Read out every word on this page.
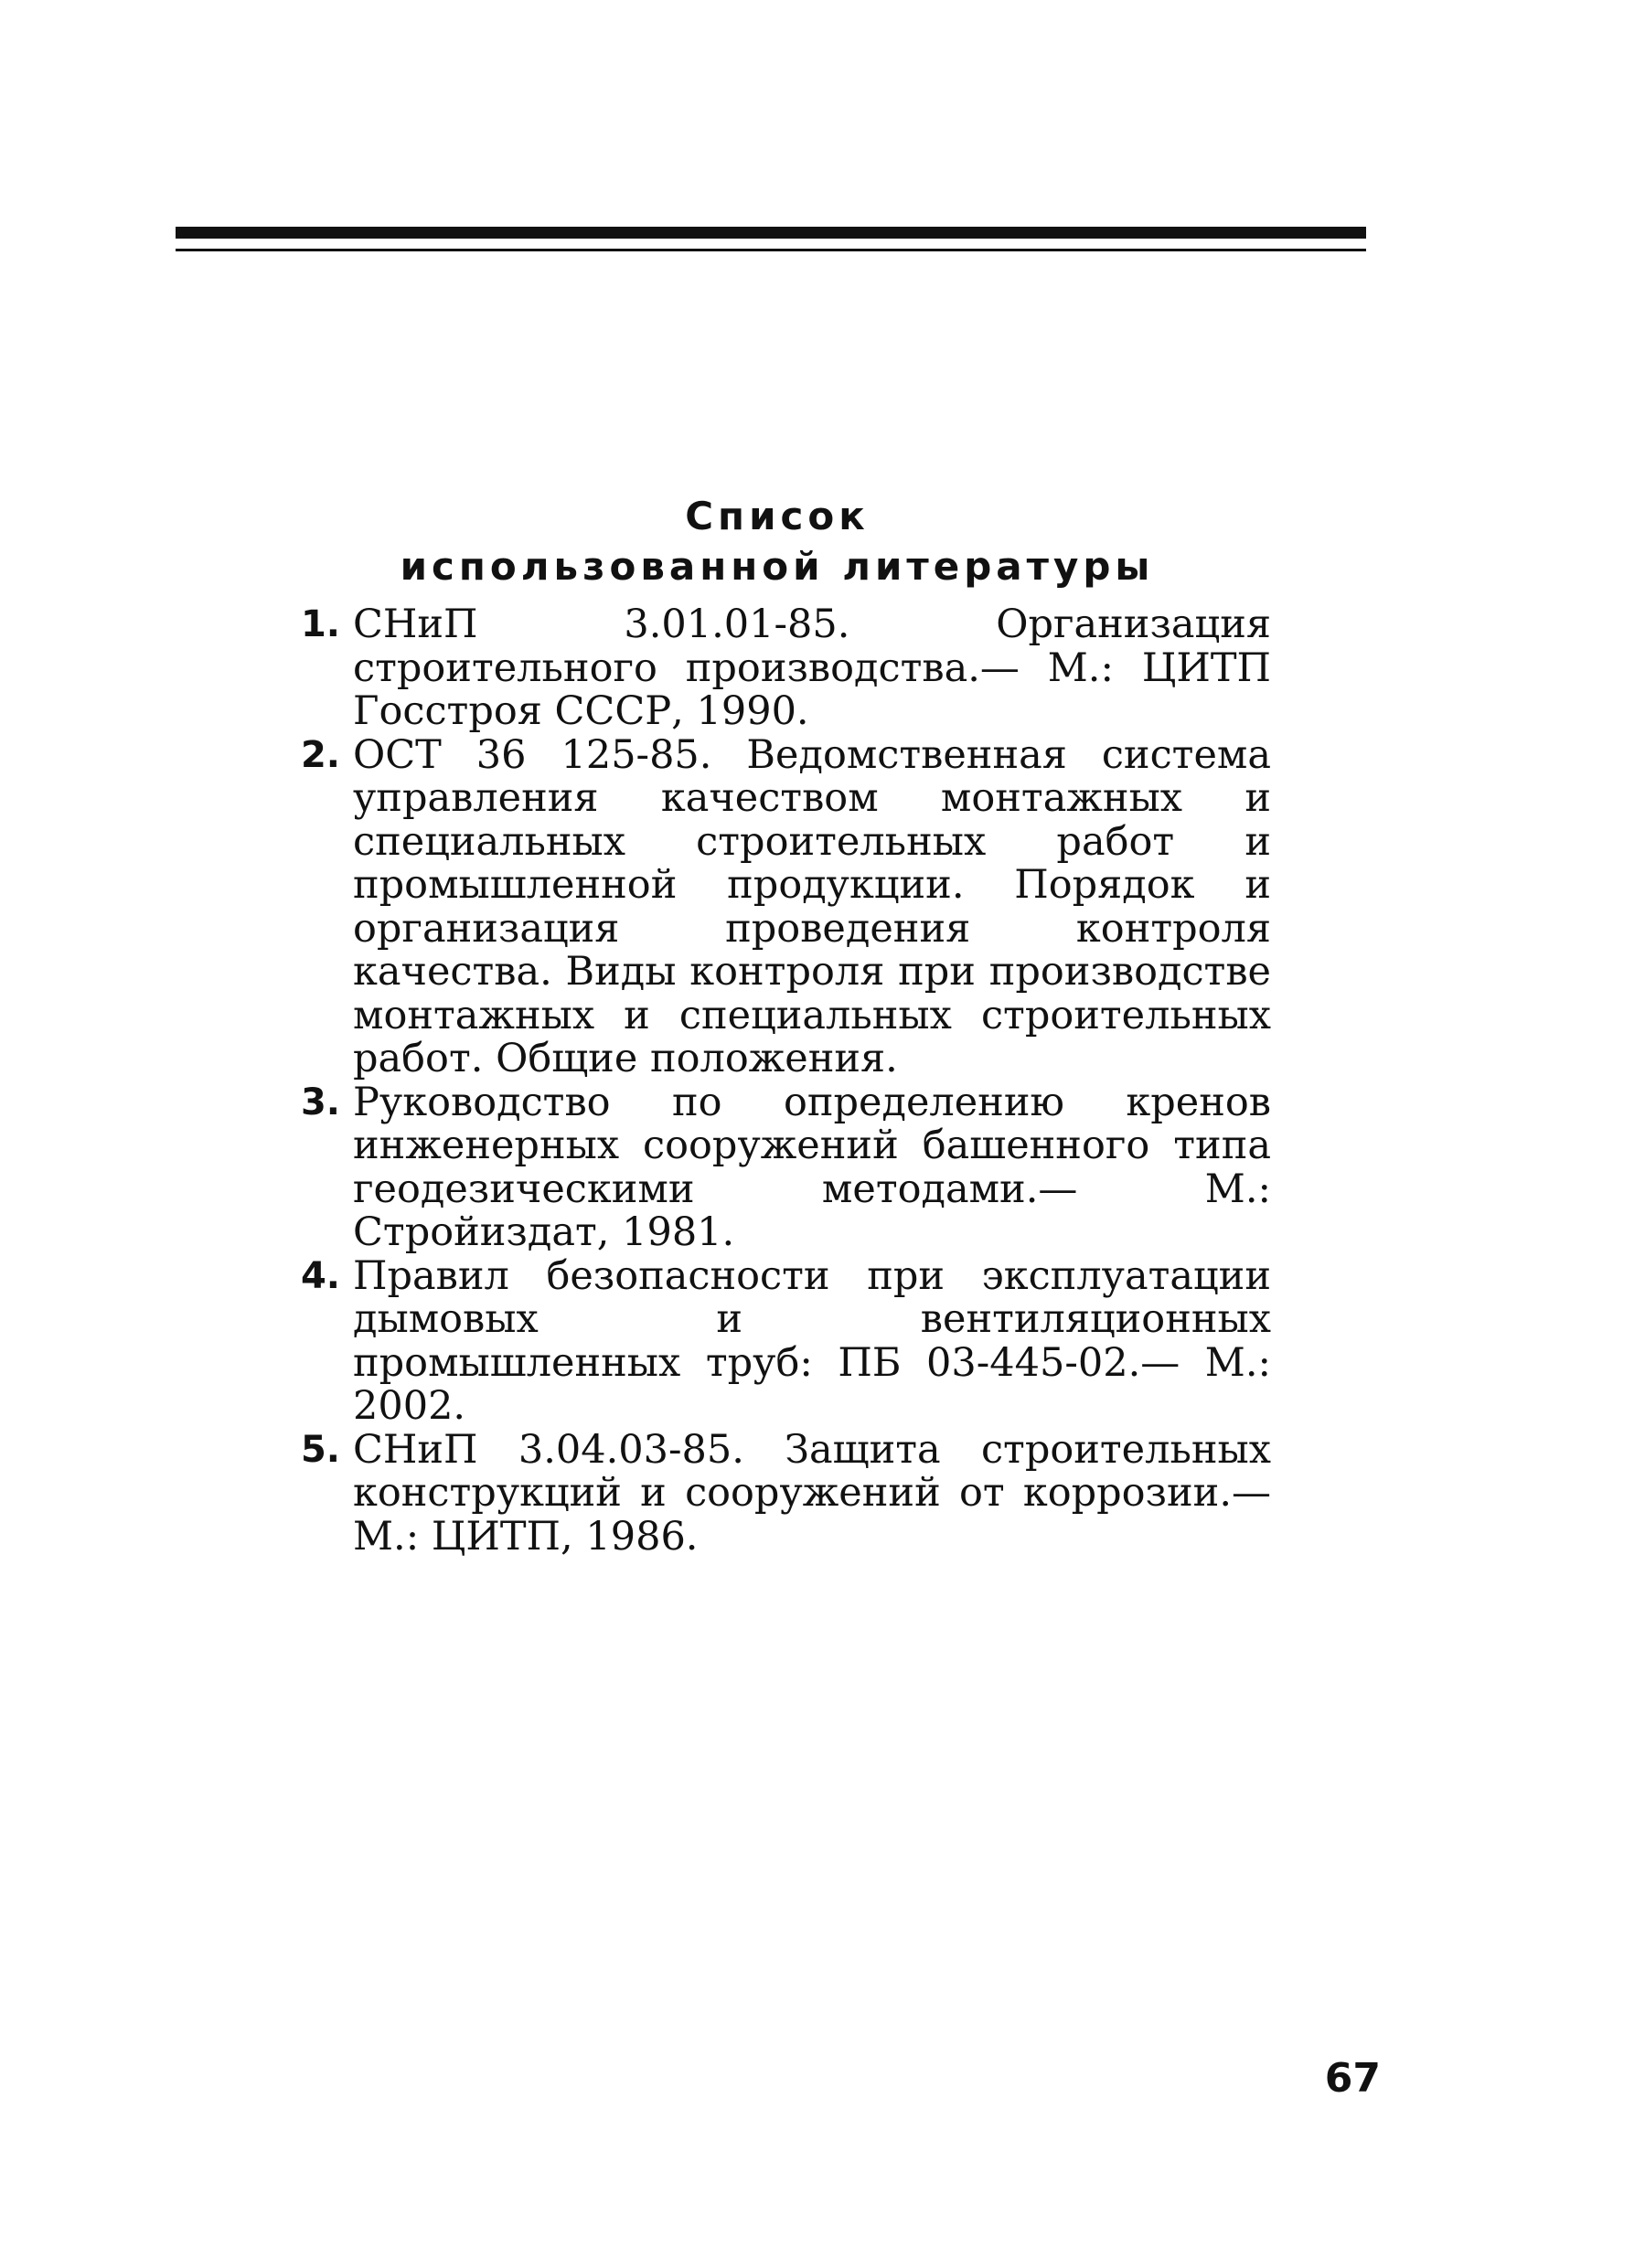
Список
использованной литературы
1. СНиП 3.01.01-85. Организация строительного производства.— М.: ЦИТП Госстроя СССР, 1990.
2. ОСТ 36 125-85. Ведомственная система управления качеством монтажных и специальных строительных работ и промышленной продукции. Порядок и организация проведения контроля качества. Виды контроля при производстве монтажных и специальных строительных работ. Общие положения.
3. Руководство по определению кренов инженерных сооружений башенного типа геодезическими методами.— М.: Стройиздат, 1981.
4. Правил безопасности при эксплуатации дымовых и вентиляционных промышленных труб: ПБ 03-445-02.— М.: 2002.
5. СНиП 3.04.03-85. Защита строительных конструкций и сооружений от коррозии.— М.: ЦИТП, 1986.
67
